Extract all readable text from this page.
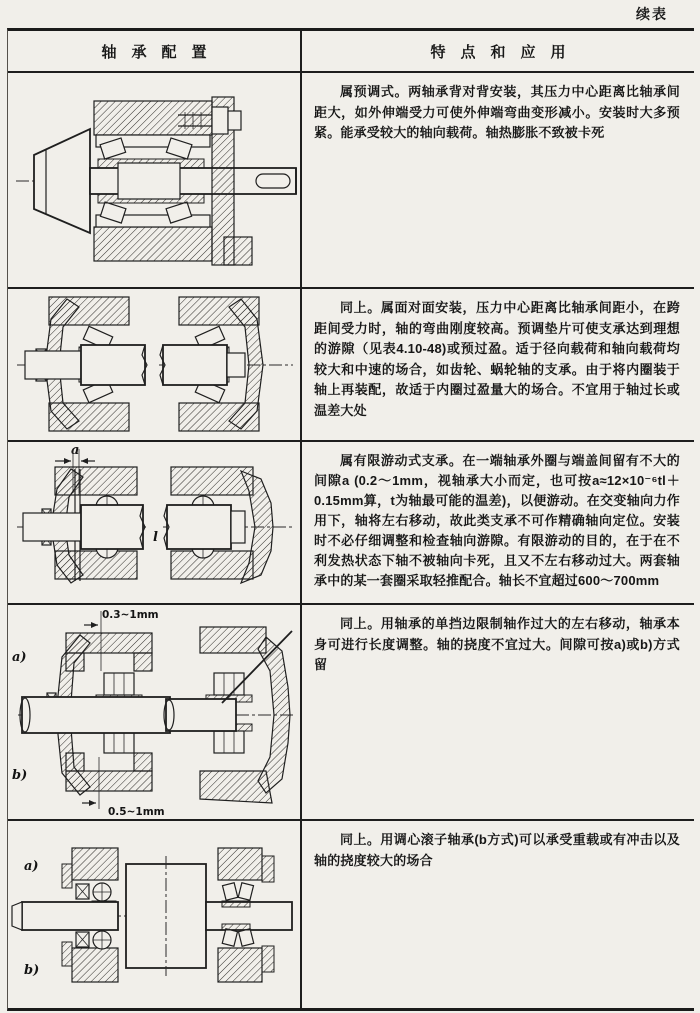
续表
轴　承　配　置	特　点　和　应　用
属预调式。两轴承背对背安装，其压力中心距离比轴承间距大，如外伸端受力可使外伸端弯曲变形减小。安装时大多预紧。能承受较大的轴向载荷。轴热膨胀不致被卡死
同上。属面对面安装，压力中心距离比轴承间距小，在跨距间受力时，轴的弯曲刚度较高。预调垫片可使支承达到理想的游隙（见表4.10-48)或预过盈。适于径向载荷和轴向载荷均较大和中速的场合，如齿轮、蜗轮轴的支承。由于将内圈装于轴上再装配，故适于内圈过盈量大的场合。不宜用于轴过长或温差大处
a
l
属有限游动式支承。在一端轴承外圈与端盖间留有不大的间隙a (0.2～1mm，视轴承大小而定，也可按a≈12×10⁻⁶tl＋0.15mm算，t为轴最可能的温差)，以便游动。在交变轴向力作用下，轴将左右移动，故此类支承不可作精确轴向定位。安装时不必仔细调整和检查轴向游隙。有限游动的目的，在于在不利发热状态下轴不被轴向卡死，且又不左右移动过大。两套轴承中的某一套圈采取轻推配合。轴长不宜超过600～700mm
a)
b)
0.3~1mm
0.5~1mm
同上。用轴承的单挡边限制轴作过大的左右移动，轴承本身可进行长度调整。轴的挠度不宜过大。间隙可按a)或b)方式留
a)
b)
同上。用调心滚子轴承(b方式)可以承受重载或有冲击以及轴的挠度较大的场合
